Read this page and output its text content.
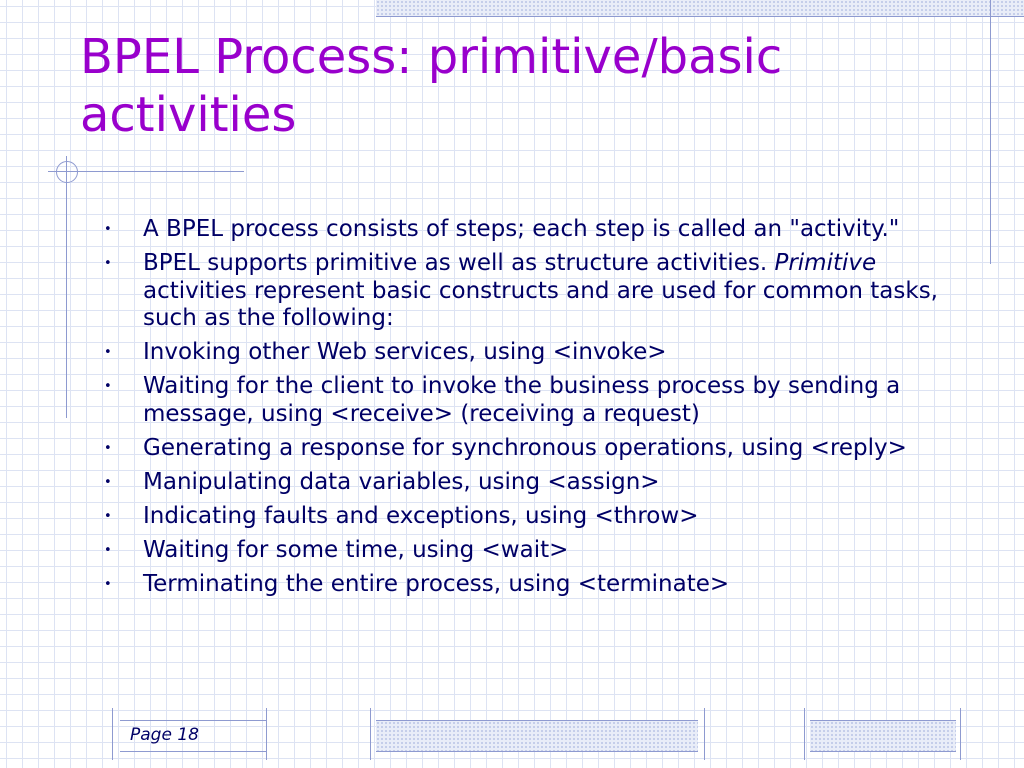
BPEL Process: primitive/basic activities
• A BPEL process consists of steps; each step is called an "activity."
• BPEL supports primitive as well as structure activities. Primitive activities represent basic constructs and are used for common tasks, such as the following:
• Invoking other Web services, using <invoke>
• Waiting for the client to invoke the business process by sending a message, using <receive> (receiving a request)
• Generating a response for synchronous operations, using <reply>
• Manipulating data variables, using <assign>
• Indicating faults and exceptions, using <throw>
• Waiting for some time, using <wait>
• Terminating the entire process, using <terminate>
Page 18
